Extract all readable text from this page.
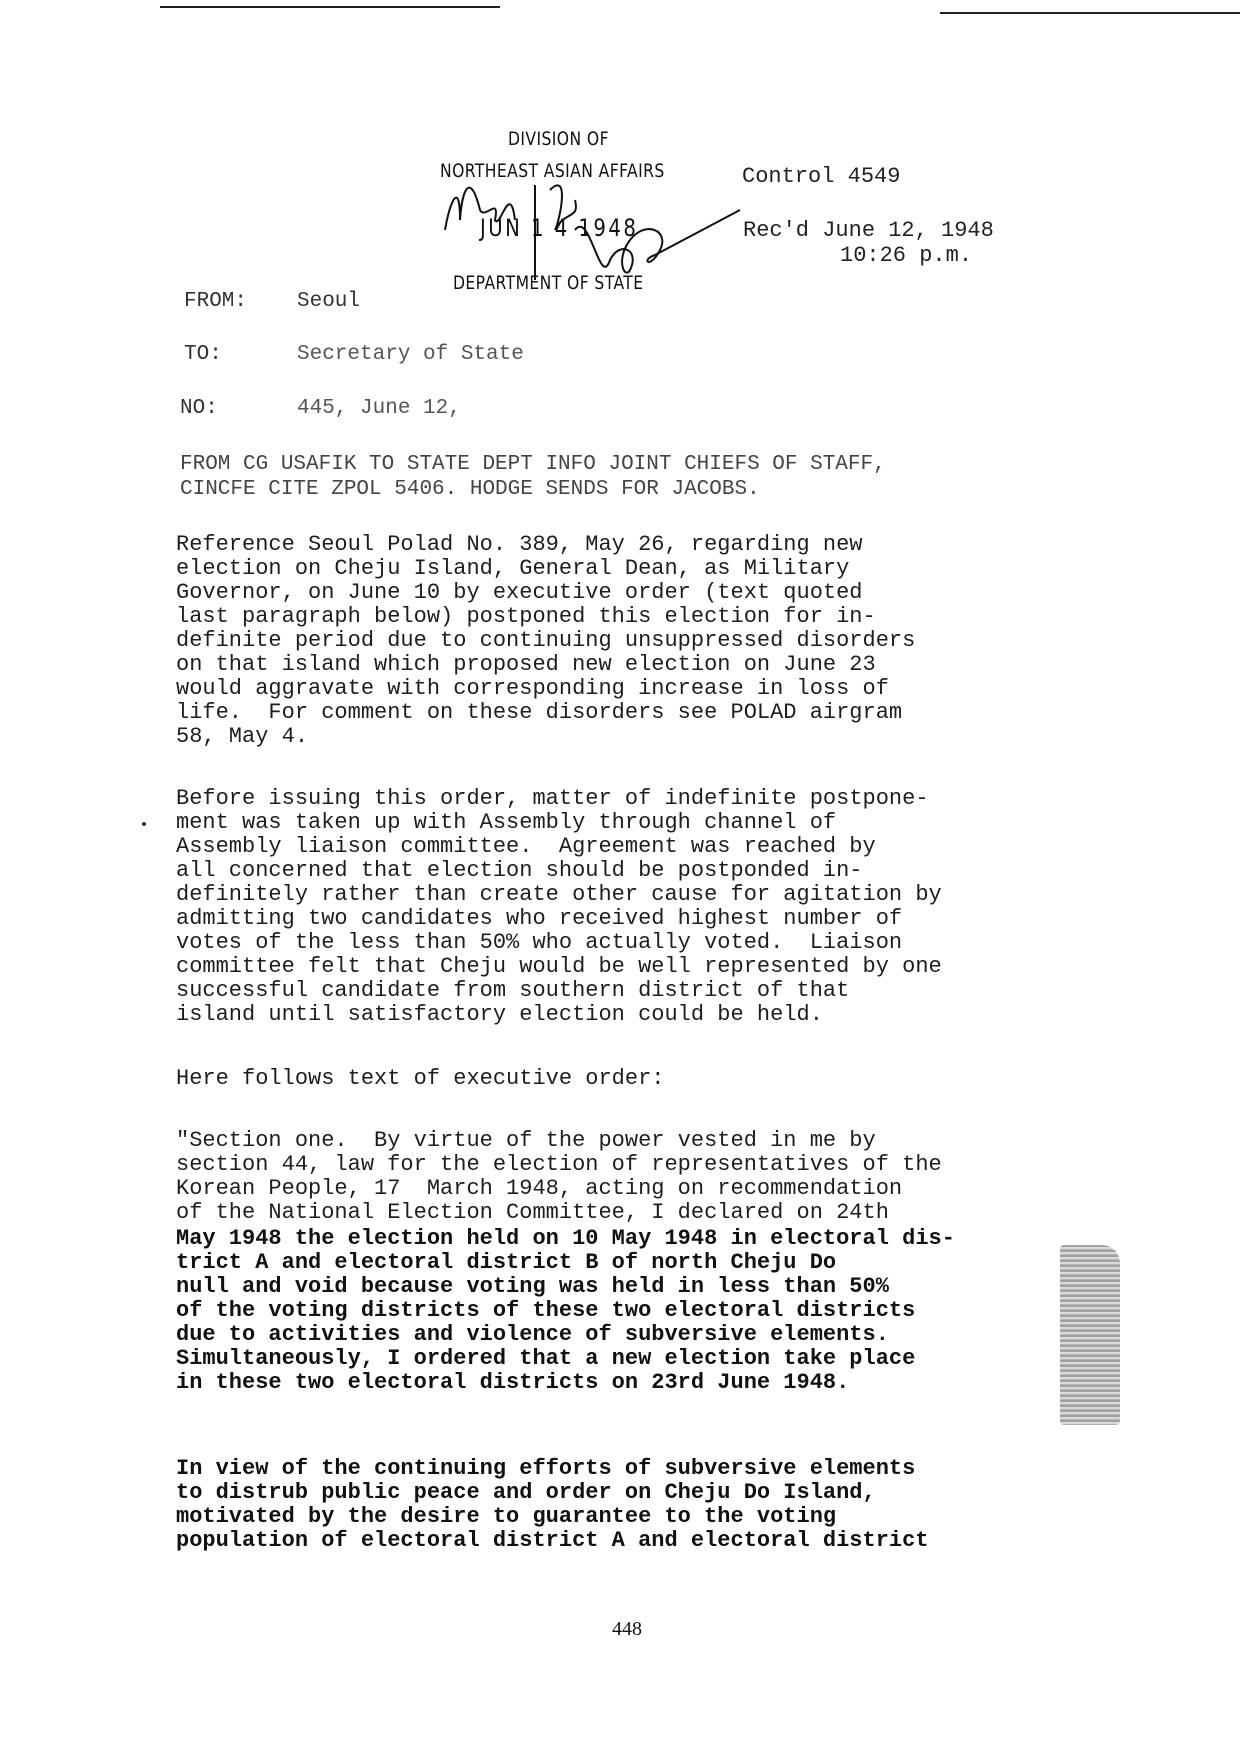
DIVISION OF
NORTHEAST ASIAN AFFAIRS
JUN 1 4 1948
DEPARTMENT OF STATE
Control 4549
Rec'd June 12, 1948
10:26 p.m.
FROM: Seoul
TO:	Secretary of State
NO:	445, June 12,
FROM CG USAFIK TO STATE DEPT INFO JOINT CHIEFS OF STAFF,
CINCFE CITE ZPOL 5406. HODGE SENDS FOR JACOBS.
Reference Seoul Polad No. 389, May 26, regarding new
election on Cheju Island, General Dean, as Military
Governor, on June 10 by executive order (text quoted
last paragraph below) postponed this election for in-
definite period due to continuing unsuppressed disorders
on that island which proposed new election on June 23
would aggravate with corresponding increase in loss of
life.  For comment on these disorders see POLAD airgram
58, May 4.
Before issuing this order, matter of indefinite postpone-
ment was taken up with Assembly through channel of
Assembly liaison committee.  Agreement was reached by
all concerned that election should be postponded in-
definitely rather than create other cause for agitation by
admitting two candidates who received highest number of
votes of the less than 50% who actually voted.  Liaison
committee felt that Cheju would be well represented by one
successful candidate from southern district of that
island until satisfactory election could be held.
Here follows text of executive order:
"Section one.  By virtue of the power vested in me by
section 44, law for the election of representatives of the
Korean People, 17  March 1948, acting on recommendation
of the National Election Committee, I declared on 24th
May 1948 the election held on 10 May 1948 in electoral dis-
trict A and electoral district B of north Cheju Do
null and void because voting was held in less than 50%
of the voting districts of these two electoral districts
due to activities and violence of subversive elements.
Simultaneously, I ordered that a new election take place
in these two electoral districts on 23rd June 1948.
In view of the continuing efforts of subversive elements
to distrub public peace and order on Cheju Do Island,
motivated by the desire to guarantee to the voting
population of electoral district A and electoral district
448
